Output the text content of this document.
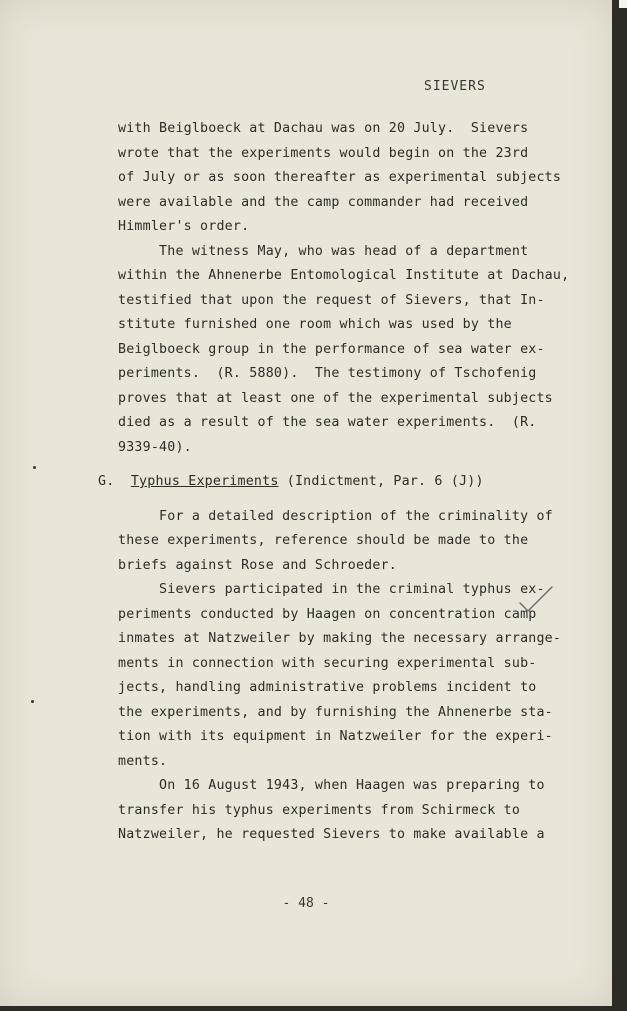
SIEVERS
with Beiglboeck at Dachau was on 20 July.  Sievers
wrote that the experiments would begin on the 23rd
of July or as soon thereafter as experimental subjects
were available and the camp commander had received
Himmler's order.
The witness May, who was head of a department
within the Ahnenerbe Entomological Institute at Dachau,
testified that upon the request of Sievers, that In-
stitute furnished one room which was used by the
Beiglboeck group in the performance of sea water ex-
periments.  (R. 5880).  The testimony of Tschofenig
proves that at least one of the experimental subjects
died as a result of the sea water experiments.  (R.
9339-40).
G.  Typhus Experiments (Indictment, Par. 6 (J))
For a detailed description of the criminality of
these experiments, reference should be made to the
briefs against Rose and Schroeder.
Sievers participated in the criminal typhus ex-
periments conducted by Haagen on concentration camp
inmates at Natzweiler by making the necessary arrange-
ments in connection with securing experimental sub-
jects, handling administrative problems incident to
the experiments, and by furnishing the Ahnenerbe sta-
tion with its equipment in Natzweiler for the experi-
ments.
On 16 August 1943, when Haagen was preparing to
transfer his typhus experiments from Schirmeck to
Natzweiler, he requested Sievers to make available a
- 48 -
